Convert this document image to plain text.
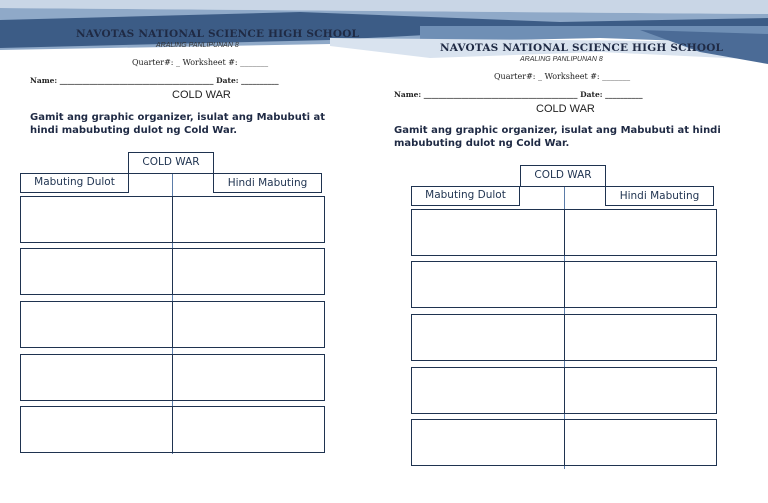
NAVOTAS NATIONAL SCIENCE HIGH SCHOOL
ARALING PANLIPUNAN 8
Quarter#: _ Worksheet #: _______
Name: _________________________________________ Date: __________
COLD WAR
Gamit ang graphic organizer, isulat ang Mabubuti at hindi mabubuting dulot ng Cold War.
COLD WAR
Mabuting Dulot	Hindi Mabuting
NAVOTAS NATIONAL SCIENCE HIGH SCHOOL
ARALING PANLIPUNAN 8
Quarter#: _ Worksheet #: _______
Name: _________________________________________ Date: __________
COLD WAR
Gamit ang graphic organizer, isulat ang Mabubuti at hindi mabubuting dulot ng Cold War.
COLD WAR
Mabuting Dulot	Hindi Mabuting
